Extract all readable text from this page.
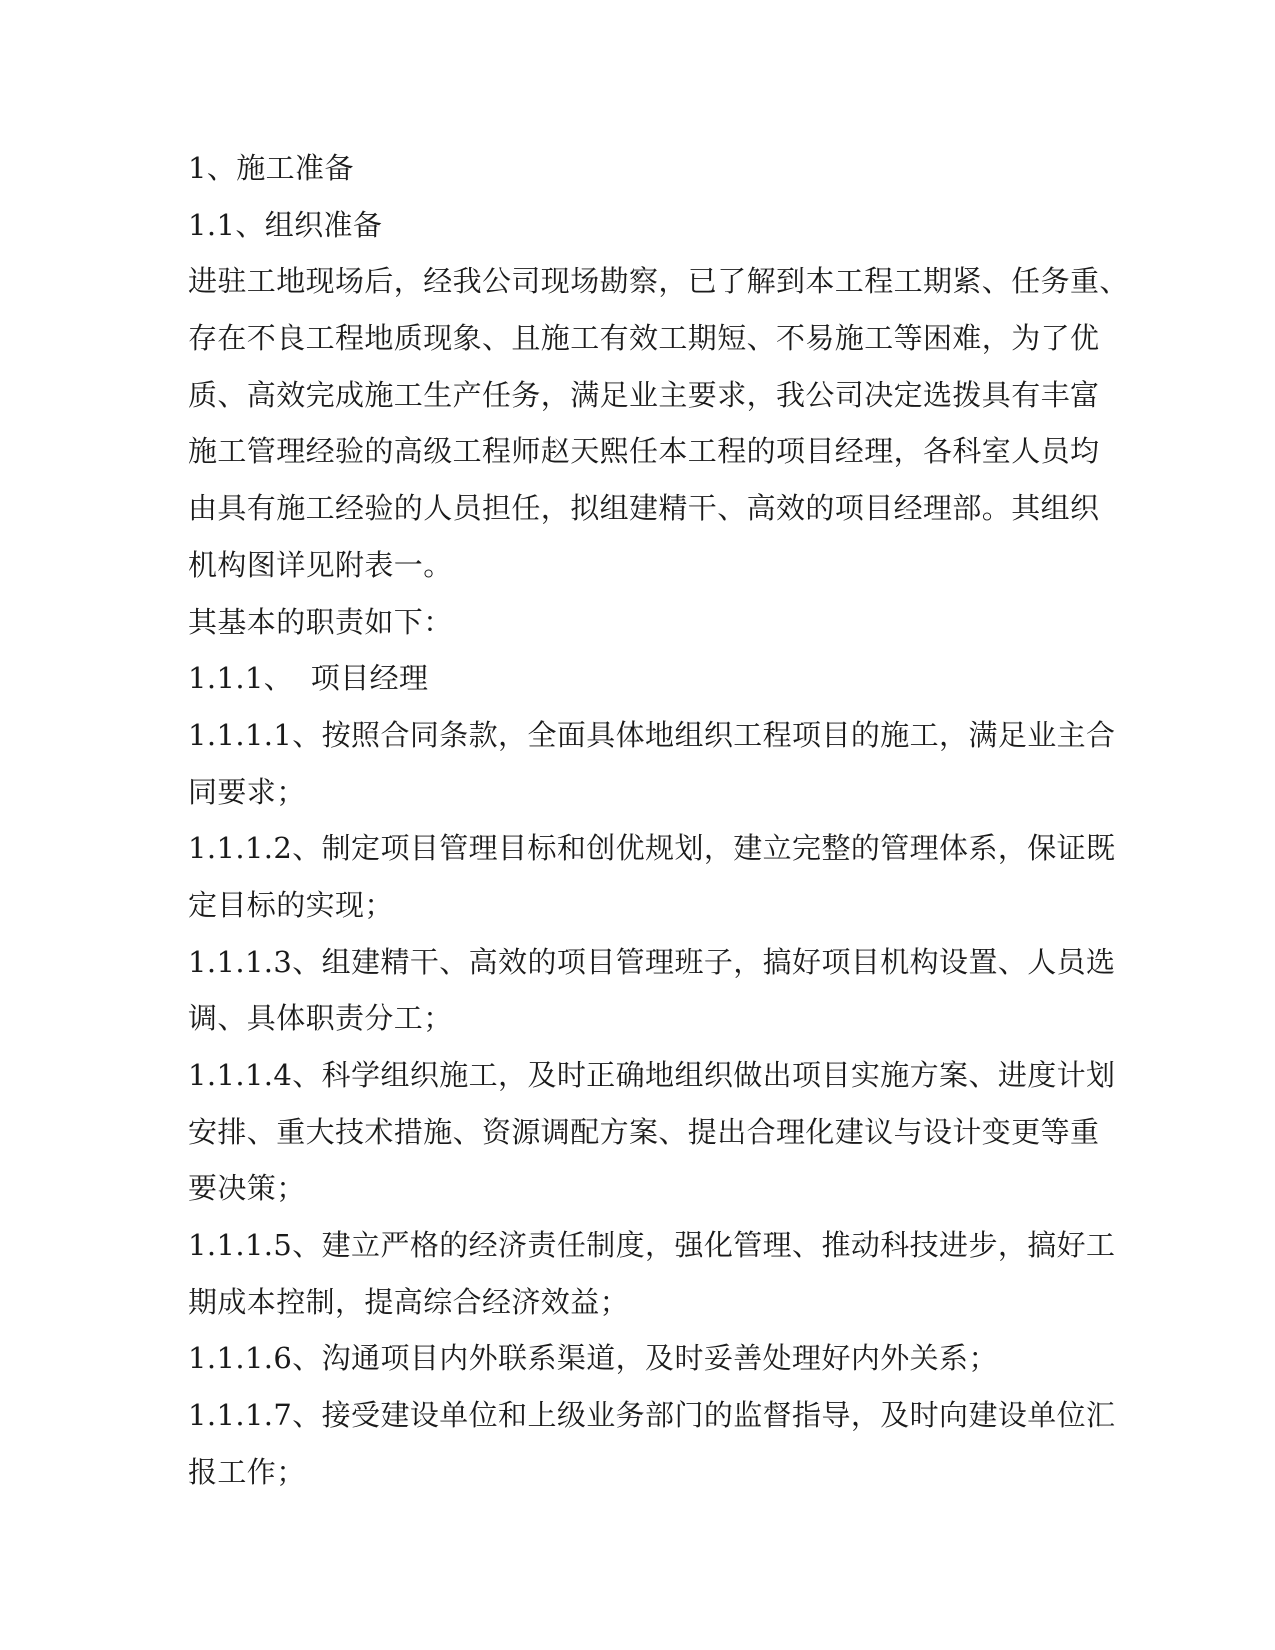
1、施工准备
1.1、组织准备
进驻工地现场后，经我公司现场勘察，已了解到本工程工期紧、任务重、
存在不良工程地质现象、且施工有效工期短、不易施工等困难，为了优
质、高效完成施工生产任务，满足业主要求，我公司决定选拨具有丰富
施工管理经验的高级工程师赵天熙任本工程的项目经理，各科室人员均
由具有施工经验的人员担任，拟组建精干、高效的项目经理部。其组织
机构图详见附表一。
其基本的职责如下：
1.1.1、 项目经理
1.1.1.1、按照合同条款，全面具体地组织工程项目的施工，满足业主合
同要求；
1.1.1.2、制定项目管理目标和创优规划，建立完整的管理体系，保证既
定目标的实现；
1.1.1.3、组建精干、高效的项目管理班子，搞好项目机构设置、人员选
调、具体职责分工；
1.1.1.4、科学组织施工，及时正确地组织做出项目实施方案、进度计划
安排、重大技术措施、资源调配方案、提出合理化建议与设计变更等重
要决策；
1.1.1.5、建立严格的经济责任制度，强化管理、推动科技进步，搞好工
期成本控制，提高综合经济效益；
1.1.1.6、沟通项目内外联系渠道，及时妥善处理好内外关系；
1.1.1.7、接受建设单位和上级业务部门的监督指导，及时向建设单位汇
报工作；
